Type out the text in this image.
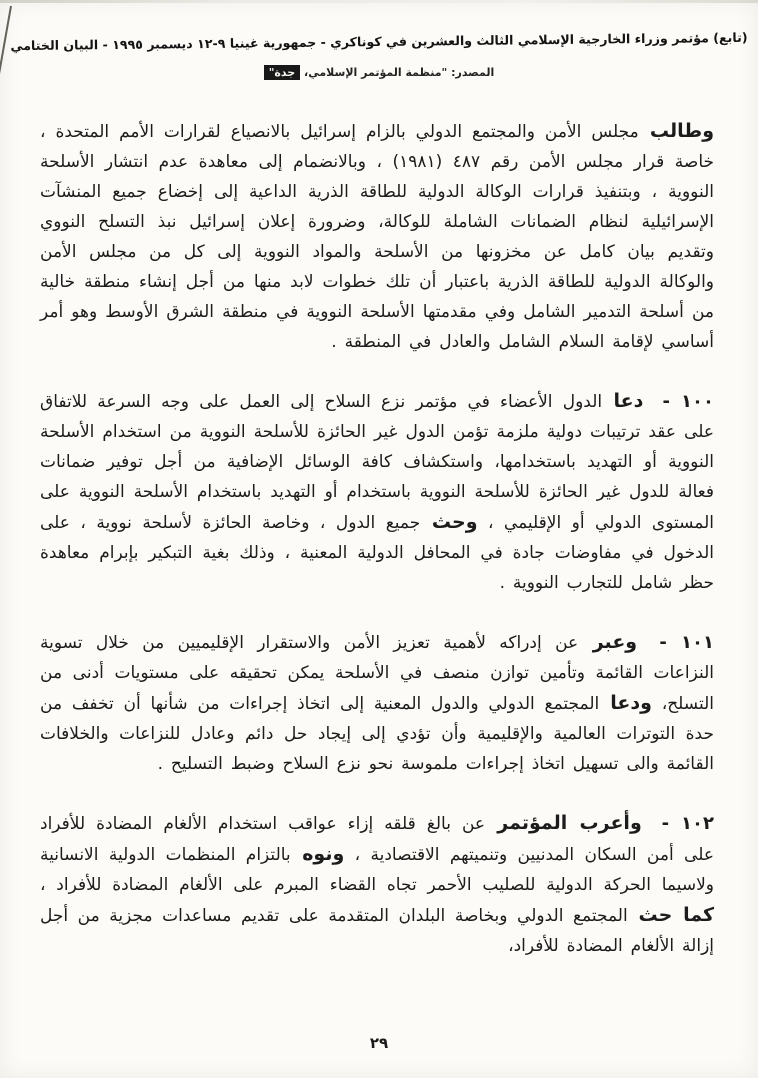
(تابع) مؤتمر وزراء الخارجية الإسلامي الثالث والعشرين في كوناكري - جمهورية غينيا ٩-١٢ ديسمبر ١٩٩٥ - البيان الختامي
المصدر: "منظمة المؤتمر الإسلامي، جدة"

وطالب مجلس الأمن والمجتمع الدولي بالزام إسرائيل بالانصياع لقرارات الأمم المتحدة ، خاصة قرار مجلس الأمن رقم ٤٨٧ (١٩٨١) ، وبالانضمام إلى معاهدة عدم انتشار الأسلحة النووية ، وبتنفيذ قرارات الوكالة الدولية للطاقة الذرية الداعية إلى إخضاع جميع المنشآت الإسرائيلية لنظام الضمانات الشاملة للوكالة، وضرورة إعلان إسرائيل نبذ التسلح النووي وتقديم بيان كامل عن مخزونها من الأسلحة والمواد النووية إلى كل من مجلس الأمن والوكالة الدولية للطاقة الذرية باعتبار أن تلك خطوات لابد منها من أجل إنشاء منطقة خالية من أسلحة التدمير الشامل وفي مقدمتها الأسلحة النووية في منطقة الشرق الأوسط وهو أمر أساسي لإقامة السلام الشامل والعادل في المنطقة .

١٠٠ - دعا الدول الأعضاء في مؤتمر نزع السلاح إلى العمل على وجه السرعة للاتفاق على عقد ترتيبات دولية ملزمة تؤمن الدول غير الحائزة للأسلحة النووية من استخدام الأسلحة النووية أو التهديد باستخدامها، واستكشاف كافة الوسائل الإضافية من أجل توفير ضمانات فعالة للدول غير الحائزة للأسلحة النووية باستخدام أو التهديد باستخدام الأسلحة النووية على المستوى الدولي أو الإقليمي ، وحث جميع الدول ، وخاصة الحائزة لأسلحة نووية ، على الدخول في مفاوضات جادة في المحافل الدولية المعنية ، وذلك بغية التبكير بإبرام معاهدة حظر شامل للتجارب النووية .

١٠١ - وعبر عن إدراكه لأهمية تعزيز الأمن والاستقرار الإقليميين من خلال تسوية النزاعات القائمة وتأمين توازن منصف في الأسلحة يمكن تحقيقه على مستويات أدنى من التسلح، ودعا المجتمع الدولي والدول المعنية إلى اتخاذ إجراءات من شأنها أن تخفف من حدة التوترات العالمية والإقليمية وأن تؤدي إلى إيجاد حل دائم وعادل للنزاعات والخلافات القائمة والى تسهيل اتخاذ إجراءات ملموسة نحو نزع السلاح وضبط التسليح .

١٠٢ - وأعرب المؤتمر عن بالغ قلقه إزاء عواقب استخدام الألغام المضادة للأفراد على أمن السكان المدنيين وتنميتهم الاقتصادية ، ونوه بالتزام المنظمات الدولية الانسانية ولاسيما الحركة الدولية للصليب الأحمر تجاه القضاء المبرم على الألغام المضادة للأفراد ، كما حث المجتمع الدولي وبخاصة البلدان المتقدمة على تقديم مساعدات مجزية من أجل إزالة الألغام المضادة للأفراد،

٢٩
